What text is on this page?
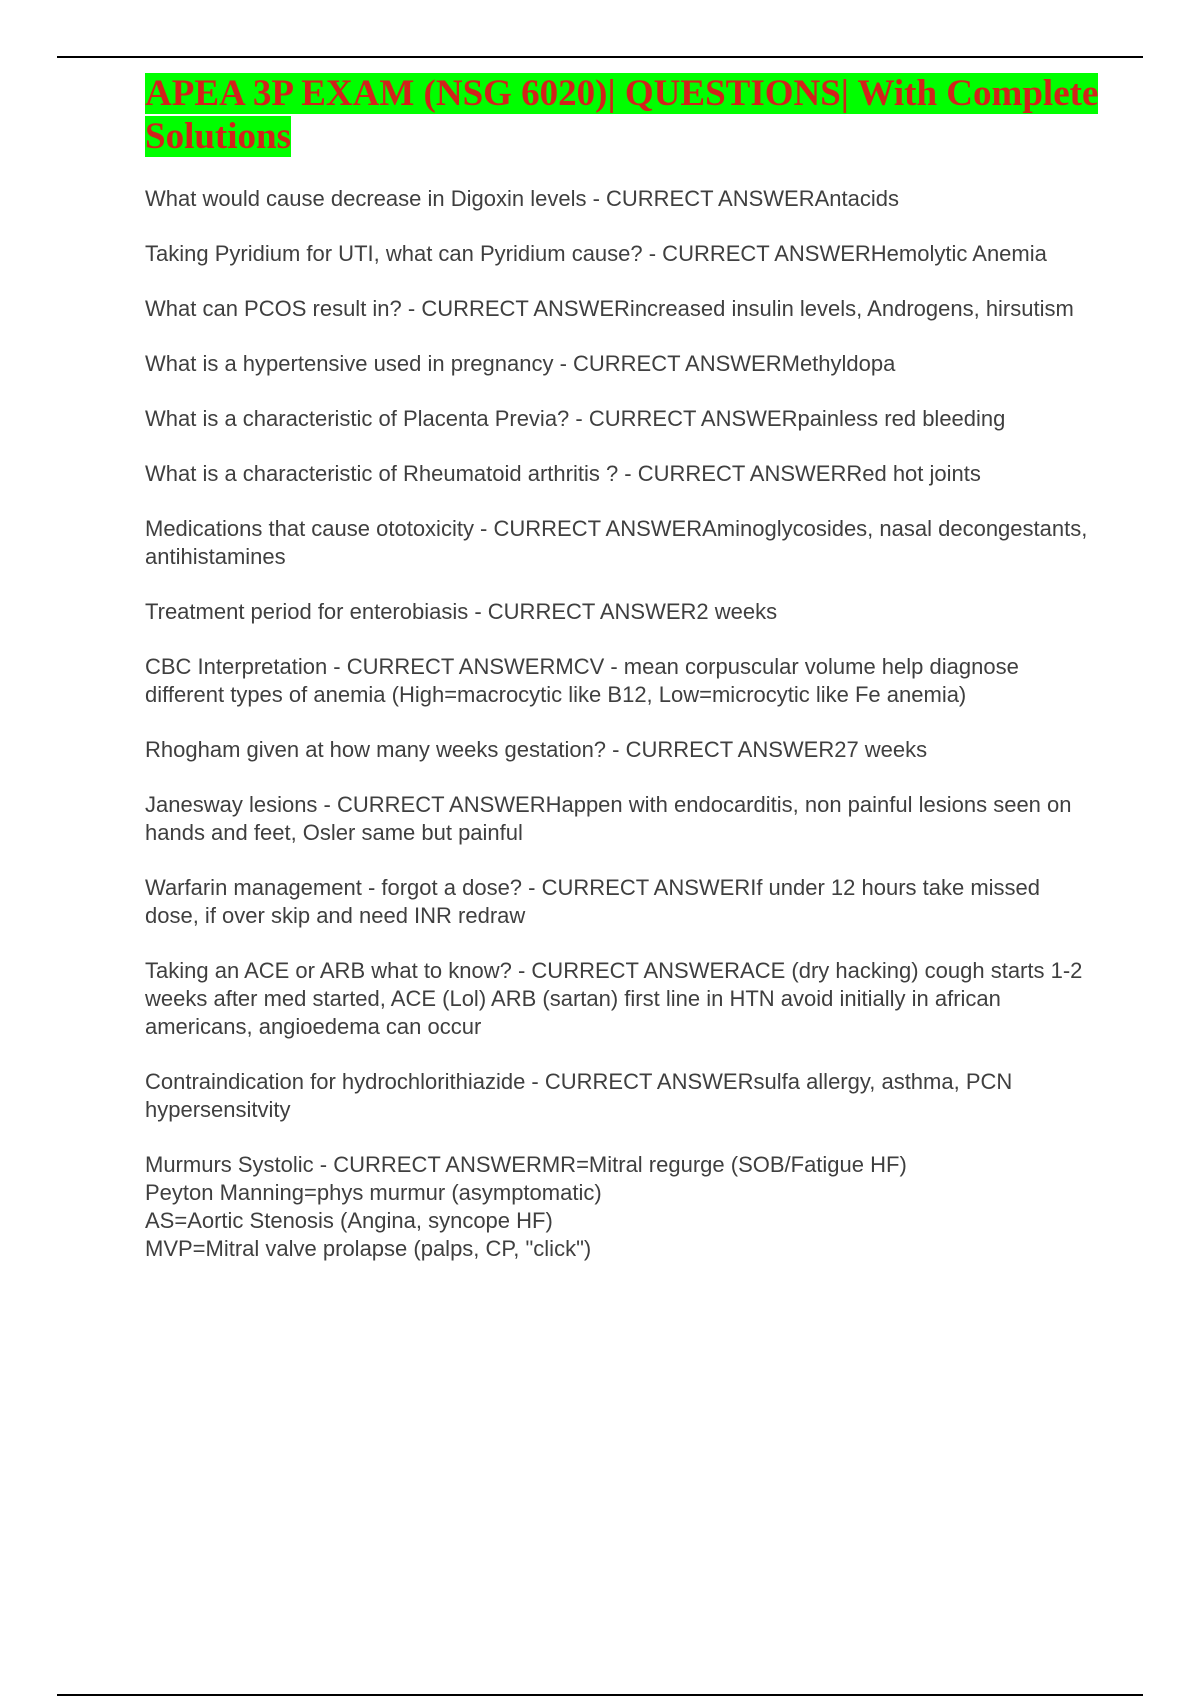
APEA 3P EXAM (NSG 6020)| QUESTIONS| With Complete Solutions
What would cause decrease in Digoxin levels - CURRECT ANSWERAntacids
Taking Pyridium for UTI, what can Pyridium cause? - CURRECT ANSWERHemolytic Anemia
What can PCOS result in? - CURRECT ANSWERincreased insulin levels, Androgens, hirsutism
What is a hypertensive used in pregnancy - CURRECT ANSWERMethyldopa
What is a characteristic of Placenta Previa? - CURRECT ANSWERpainless red bleeding
What is a characteristic of Rheumatoid arthritis ? - CURRECT ANSWERRed hot joints
Medications that cause ototoxicity - CURRECT ANSWERAminoglycosides, nasal decongestants, antihistamines
Treatment period for enterobiasis - CURRECT ANSWER2 weeks
CBC Interpretation - CURRECT ANSWERMCV - mean corpuscular volume help diagnose different types of anemia (High=macrocytic like B12, Low=microcytic like Fe anemia)
Rhogham given at how many weeks gestation? - CURRECT ANSWER27 weeks
Janesway lesions - CURRECT ANSWERHappen with endocarditis, non painful lesions seen on hands and feet, Osler same but painful
Warfarin management - forgot a dose? - CURRECT ANSWERIf under 12 hours take missed dose, if over skip and need INR redraw
Taking an ACE or ARB what to know? - CURRECT ANSWERACE (dry hacking) cough starts 1-2 weeks after med started, ACE (Lol) ARB (sartan) first line in HTN avoid initially in african americans, angioedema can occur
Contraindication for hydrochlorithiazide - CURRECT ANSWERsulfa allergy, asthma, PCN hypersensitvity
Murmurs Systolic - CURRECT ANSWERMR=Mitral regurge (SOB/Fatigue HF)
Peyton Manning=phys murmur (asymptomatic)
AS=Aortic Stenosis (Angina, syncope HF)
MVP=Mitral valve prolapse (palps, CP, "click")
